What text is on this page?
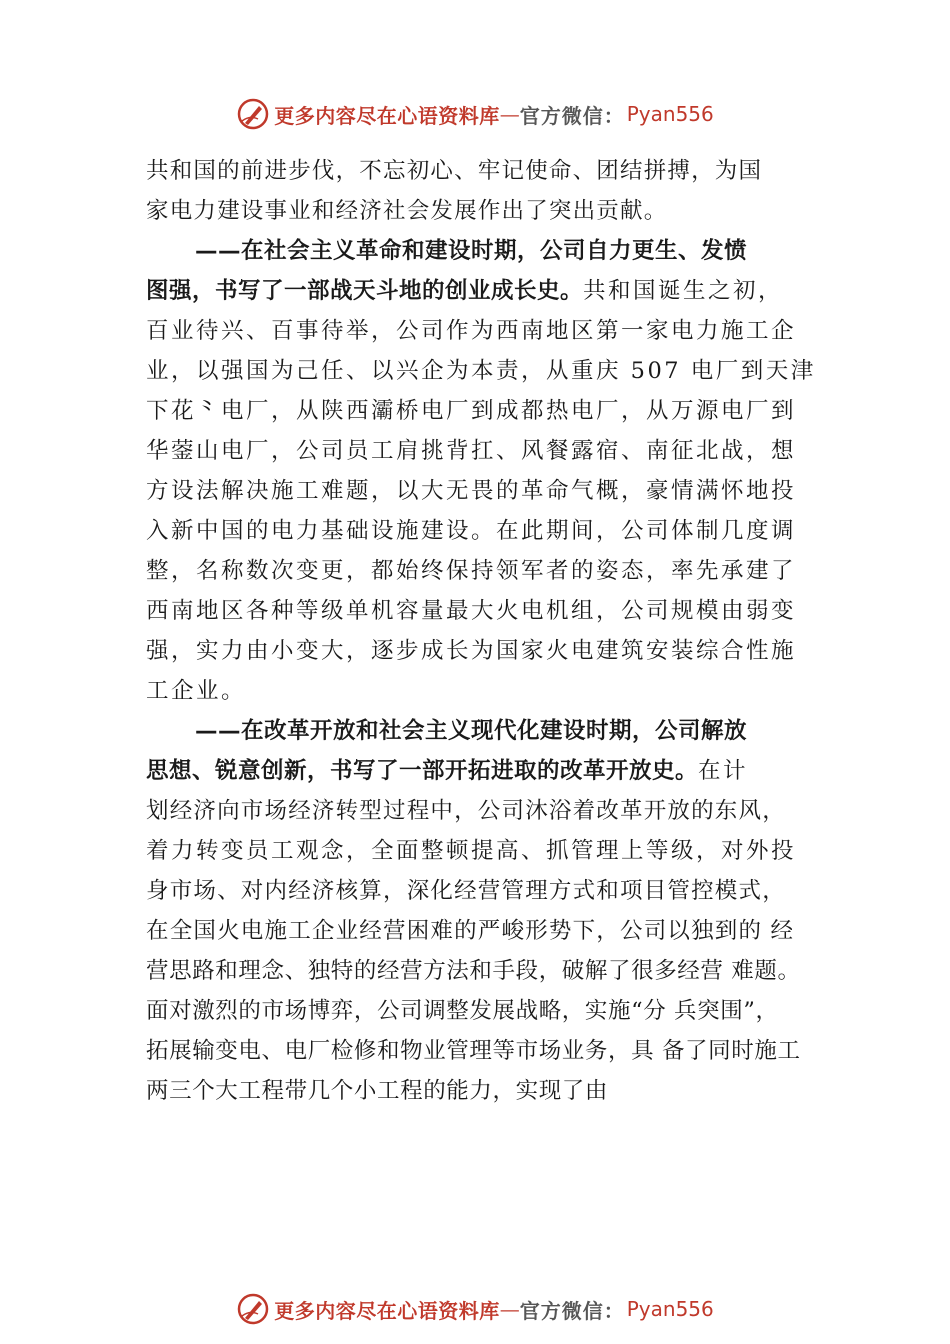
更多内容尽在心语资料库 — 官方微信： Pyan556
共和国的前进步伐，不忘初心、牢记使命、团结拼搏，为国
家电力建设事业和经济社会发展作出了突出贡献。
——在社会主义革命和建设时期，公司自力更生、发愤
图强，书写了一部战天斗地的创业成长史。共和国诞生之初，
百业待兴、百事待举，公司作为西南地区第一家电力施工企
业，以强国为己任、以兴企为本责，从重庆 507 电厂到天津
下花⺀电厂，从陕西灞桥电厂到成都热电厂，从万源电厂到
华蓥山电厂，公司员工肩挑背扛、风餐露宿、南征北战，想
方设法解决施工难题，以大无畏的革命气概，豪情满怀地投
入新中国的电力基础设施建设。在此期间，公司体制几度调
整，名称数次变更，都始终保持领军者的姿态，率先承建了
西南地区各种等级单机容量最大火电机组，公司规模由弱变
强，实力由小变大，逐步成长为国家火电建筑安装综合性施
工企业。
——在改革开放和社会主义现代化建设时期，公司解放
思想、锐意创新，书写了一部开拓进取的改革开放史。在计
划经济向市场经济转型过程中，公司沐浴着改革开放的东风，
着力转变员工观念，全面整顿提高、抓管理上等级，对外投
身市场、对内经济核算，深化经营管理方式和项目管控模式，
在全国火电施工企业经营困难的严峻形势下，公司以独到的 经
营思路和理念、独特的经营方法和手段，破解了很多经营 难题。
面对激烈的市场博弈，公司调整发展战略，实施“分 兵突围”，
拓展输变电、电厂检修和物业管理等市场业务，具 备了同时施工
两三个大工程带几个小工程的能力，实现了由
更多内容尽在心语资料库 — 官方微信： Pyan556
